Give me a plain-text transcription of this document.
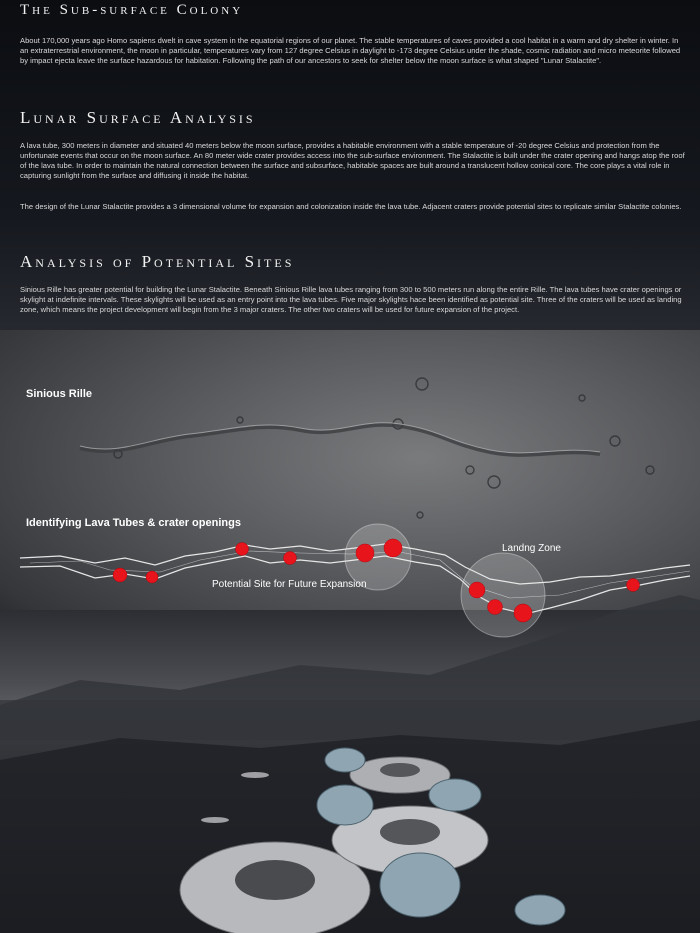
The Sub-surface Colony

About 170,000 years ago Homo sapiens dwelt in cave system in the equatorial regions of our planet. The stable temperatures of caves provided a cool habitat in a warm and dry shelter in winter. In an extraterrestrial environment, the moon in particular, temperatures vary from 127 degree Celsius in daylight to -173 degree Celsius under the shade, cosmic radiation and micro meteorite followed by impact ejecta leave the surface hazardous for habitation. Following the path of our ancestors to seek for shelter below the moon surface is what shaped "Lunar Stalactite".

Lunar Surface Analysis

A lava tube, 300 meters in diameter and situated 40 meters below the moon surface, provides a habitable environment with a stable temperature of -20 degree Celsius and protection from the unfortunate events that occur on the moon surface. An 80 meter wide crater provides access into the sub-surface environment. The Stalactite is built under the crater opening and hangs atop the roof of the lava tube. In order to maintain the natural connection between the surface and subsurface, habitable spaces are built around a translucent hollow conical core. The core plays a vital role in capturing sunlight from the surface and diffusing it inside the habitat.

The design of the Lunar Stalactite provides a 3 dimensional volume for expansion and colonization inside the lava tube. Adjacent craters provide potential sites to replicate similar Stalactite colonies.

Analysis of Potential Sites

Sinious Rille has greater potential for building the Lunar Stalactite. Beneath Sinious Rille lava tubes ranging from 300 to 500 meters run along the entire Rille. The lava tubes have crater openings or skylight at indefinite intervals. These skylights will be used as an entry point into the lava tubes. Five major skylights hace been identified as potential site. Three of the craters will be used as landing zone, which means the project development will begin from the 3 major craters. The other two craters will be used for future expansion of the project.

Sinious Rille

Identifying Lava Tubes & crater openings

Potential Site for Future Expansion

Landng Zone
